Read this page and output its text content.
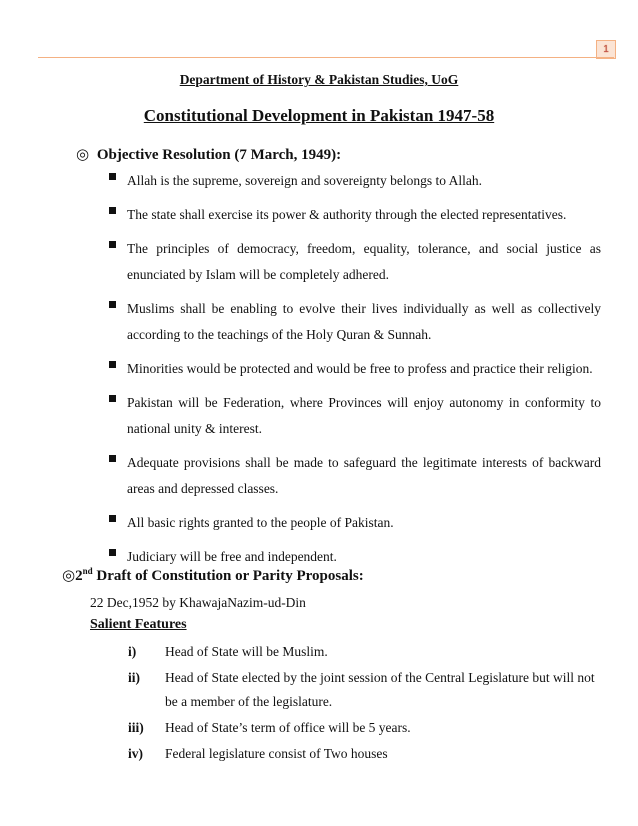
1
Department of History & Pakistan Studies, UoG
Constitutional Development in Pakistan 1947-58
◎ Objective Resolution (7 March, 1949):
Allah is the supreme, sovereign and sovereignty belongs to Allah.
The state shall exercise its power & authority through the elected representatives.
The principles of democracy, freedom, equality, tolerance, and social justice as enunciated by Islam will be completely adhered.
Muslims shall be enabling to evolve their lives individually as well as collectively according to the teachings of the Holy Quran & Sunnah.
Minorities would be protected and would be free to profess and practice their religion.
Pakistan will be Federation, where Provinces will enjoy autonomy in conformity to national unity & interest.
Adequate provisions shall be made to safeguard the legitimate interests of backward areas and depressed classes.
All basic rights granted to the people of Pakistan.
Judiciary will be free and independent.
◎2nd Draft of Constitution or Parity Proposals:
22 Dec,1952 by KhawajaNazim-ud-Din
Salient Features
i) Head of State will be Muslim.
ii) Head of State elected by the joint session of the Central Legislature but will not be a member of the legislature.
iii) Head of State’s term of office will be 5 years.
iv) Federal legislature consist of Two houses
